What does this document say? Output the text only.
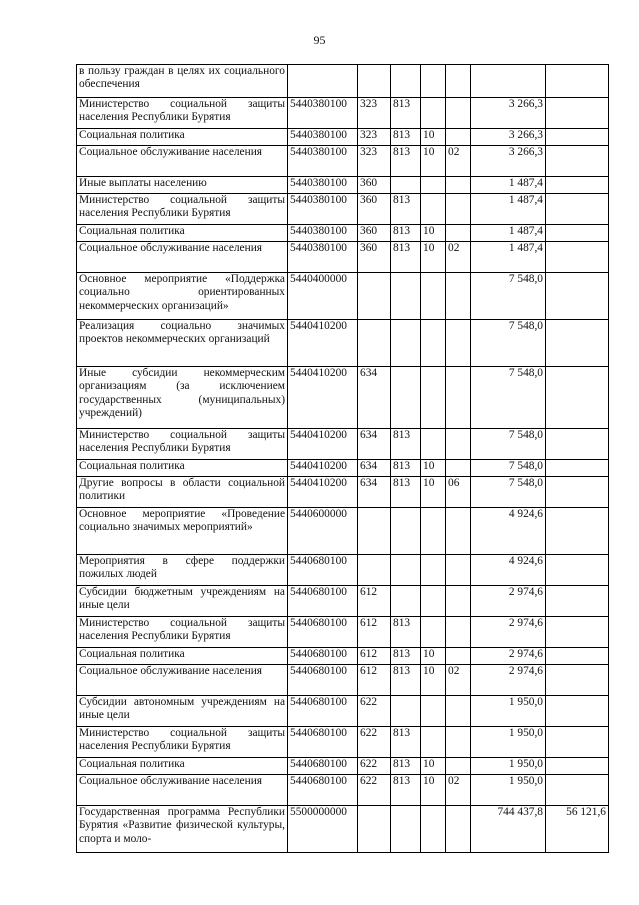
95
в пользу граждан в целях их социального обеспечения							
Министерство социальной защиты населения Республики Бурятия	5440380100	323	813			3 266,3	
Социальная политика	5440380100	323	813	10		3 266,3	
Социальное обслуживание населения	5440380100	323	813	10	02	3 266,3	
Иные выплаты населению	5440380100	360				1 487,4	
Министерство социальной защиты населения Республики Бурятия	5440380100	360	813			1 487,4	
Социальная политика	5440380100	360	813	10		1 487,4	
Социальное обслуживание населения	5440380100	360	813	10	02	1 487,4	
Основное мероприятие «Поддержка социально ориентированных некоммерческих организаций»	5440400000					7 548,0	
Реализация социально значимых проектов некоммерческих организаций	5440410200					7 548,0	
Иные субсидии некоммерческим организациям (за исключением государственных (муниципальных) учреждений)	5440410200	634				7 548,0	
Министерство социальной защиты населения Республики Бурятия	5440410200	634	813			7 548,0	
Социальная политика	5440410200	634	813	10		7 548,0	
Другие вопросы в области социальной политики	5440410200	634	813	10	06	7 548,0	
Основное мероприятие «Проведение социально значимых мероприятий»	5440600000					4 924,6	
Мероприятия в сфере поддержки пожилых людей	5440680100					4 924,6	
Субсидии бюджетным учреждениям на иные цели	5440680100	612				2 974,6	
Министерство социальной защиты населения Республики Бурятия	5440680100	612	813			2 974,6	
Социальная политика	5440680100	612	813	10		2 974,6	
Социальное обслуживание населения	5440680100	612	813	10	02	2 974,6	
Субсидии автономным учреждениям на иные цели	5440680100	622				1 950,0	
Министерство социальной защиты населения Республики Бурятия	5440680100	622	813			1 950,0	
Социальная политика	5440680100	622	813	10		1 950,0	
Социальное обслуживание населения	5440680100	622	813	10	02	1 950,0	
Государственная программа Республики Бурятия «Развитие физической культуры, спорта и моло-	5500000000					744 437,8	56 121,6
